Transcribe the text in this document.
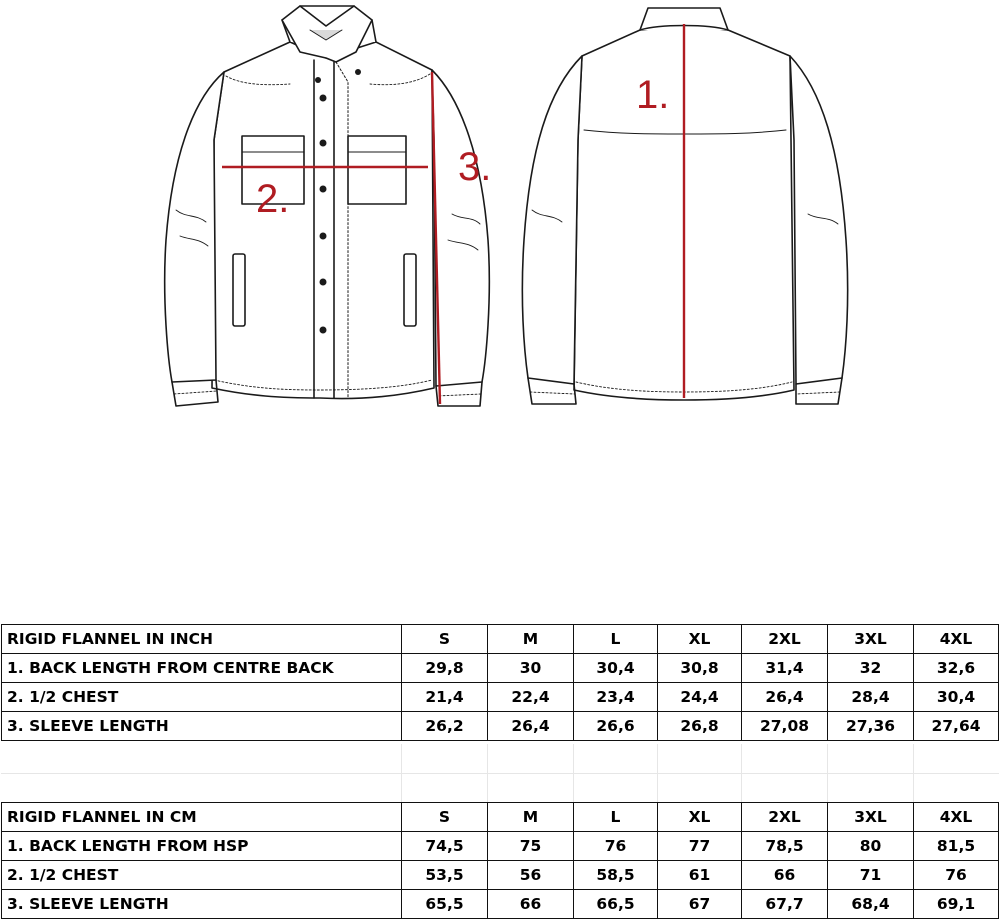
1.
2.
3.
RIGID FLANNEL IN INCH	S	M	L	XL	2XL	3XL	4XL
1. BACK LENGTH FROM CENTRE BACK	29,8	30	30,4	30,8	31,4	32	32,6
2. 1/2 CHEST	21,4	22,4	23,4	24,4	26,4	28,4	30,4
3. SLEEVE LENGTH	26,2	26,4	26,6	26,8	27,08	27,36	27,64
RIGID FLANNEL IN CM	S	M	L	XL	2XL	3XL	4XL
1. BACK LENGTH FROM HSP	74,5	75	76	77	78,5	80	81,5
2. 1/2 CHEST	53,5	56	58,5	61	66	71	76
3. SLEEVE LENGTH	65,5	66	66,5	67	67,7	68,4	69,1
